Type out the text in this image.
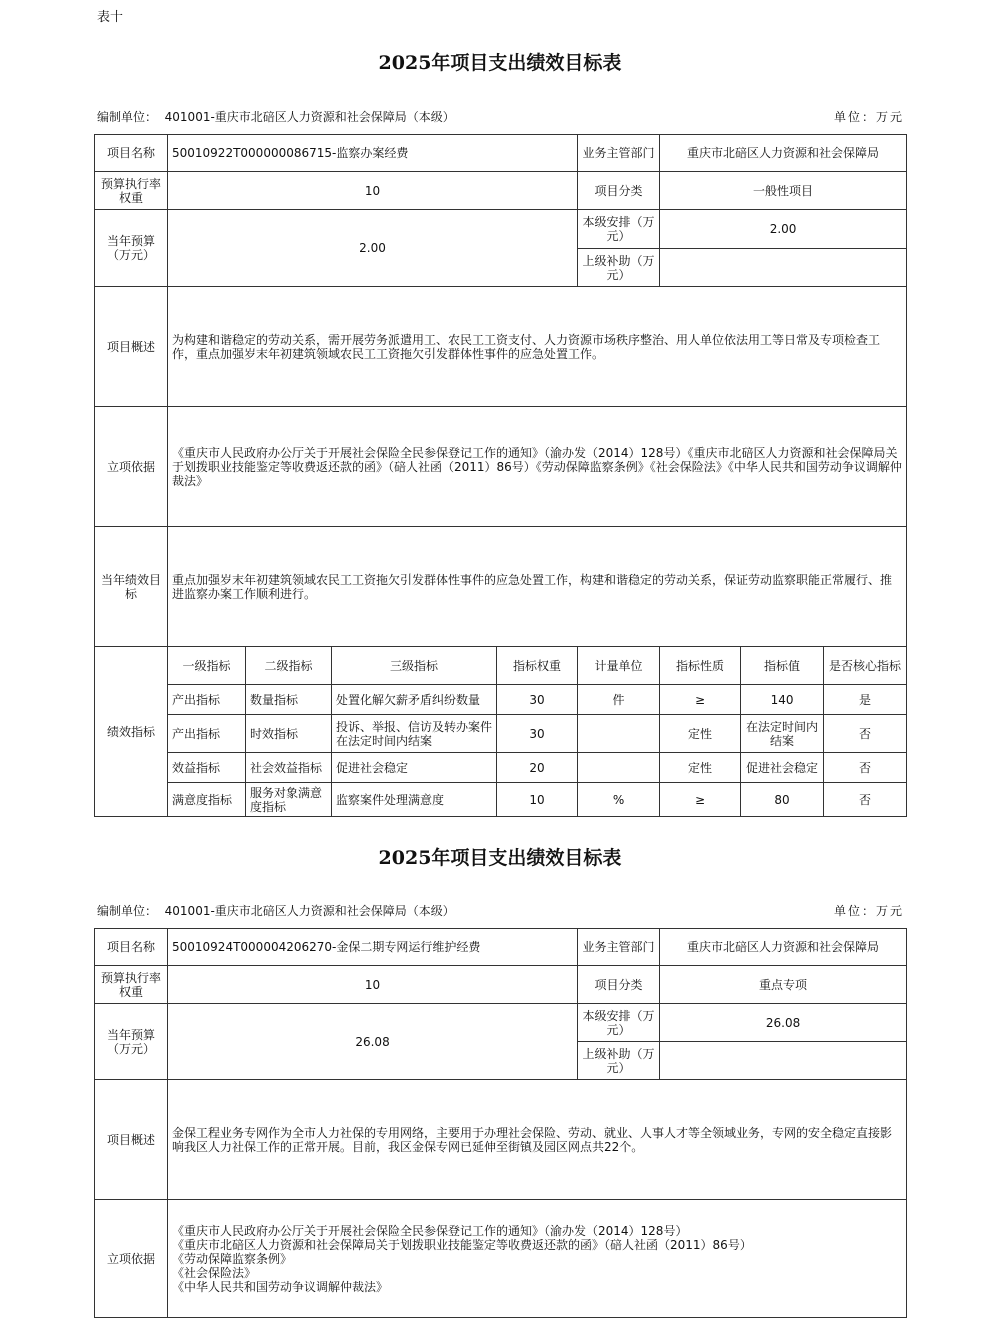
表十
2025年项目支出绩效目标表
编制单位： 401001-重庆市北碚区人力资源和社会保障局（本级）	单位：万元
项目名称	50010922T000000086715-监察办案经费				业务主管部门	重庆市北碚区人力资源和社会保障局		
预算执行率权重	10				项目分类	一般性项目		
当年预算（万元）	2.00				本级安排（万元）	2.00		
					上级补助（万元）			
项目概述	为构建和谐稳定的劳动关系，需开展劳务派遣用工、农民工工资支付、人力资源市场秩序整治、用人单位依法用工等日常及专项检查工作，重点加强岁末年初建筑领域农民工工资拖欠引发群体性事件的应急处置工作。							
立项依据	《重庆市人民政府办公厅关于开展社会保险全民参保登记工作的通知》（渝办发（2014）128号）《重庆市北碚区人力资源和社会保障局关于划拨职业技能鉴定等收费返还款的函》（碚人社函（2011）86号）《劳动保障监察条例》《社会保险法》《中华人民共和国劳动争议调解仲裁法》							
当年绩效目标	重点加强岁末年初建筑领域农民工工资拖欠引发群体性事件的应急处置工作，构建和谐稳定的劳动关系，保证劳动监察职能正常履行、推进监察办案工作顺利进行。							
绩效指标	一级指标	二级指标	三级指标	指标权重	计量单位	指标性质	指标值	是否核心指标
	产出指标	数量指标	处置化解欠薪矛盾纠纷数量	30	件	≥	140	是
	产出指标	时效指标	投诉、举报、信访及转办案件在法定时间内结案	30		定性	在法定时间内结案	否
	效益指标	社会效益指标	促进社会稳定	20		定性	促进社会稳定	否
	满意度指标	服务对象满意度指标	监察案件处理满意度	10	%	≥	80	否
2025年项目支出绩效目标表
编制单位： 401001-重庆市北碚区人力资源和社会保障局（本级）	单位：万元
项目名称	50010924T000004206270-金保二期专网运行维护经费	业务主管部门	重庆市北碚区人力资源和社会保障局
预算执行率权重	10	项目分类	重点专项
当年预算（万元）	26.08	本级安排（万元）	26.08
		上级补助（万元）	
项目概述	金保工程业务专网作为全市人力社保的专用网络，主要用于办理社会保险、劳动、就业、人事人才等全领域业务，专网的安全稳定直接影响我区人力社保工作的正常开展。目前，我区金保专网已延伸至街镇及园区网点共22个。		
立项依据	《重庆市人民政府办公厅关于开展社会保险全民参保登记工作的通知》（渝办发（2014）128号）
《重庆市北碚区人力资源和社会保障局关于划拨职业技能鉴定等收费返还款的函》（碚人社函（2011）86号）
《劳动保障监察条例》
《社会保险法》
《中华人民共和国劳动争议调解仲裁法》		
